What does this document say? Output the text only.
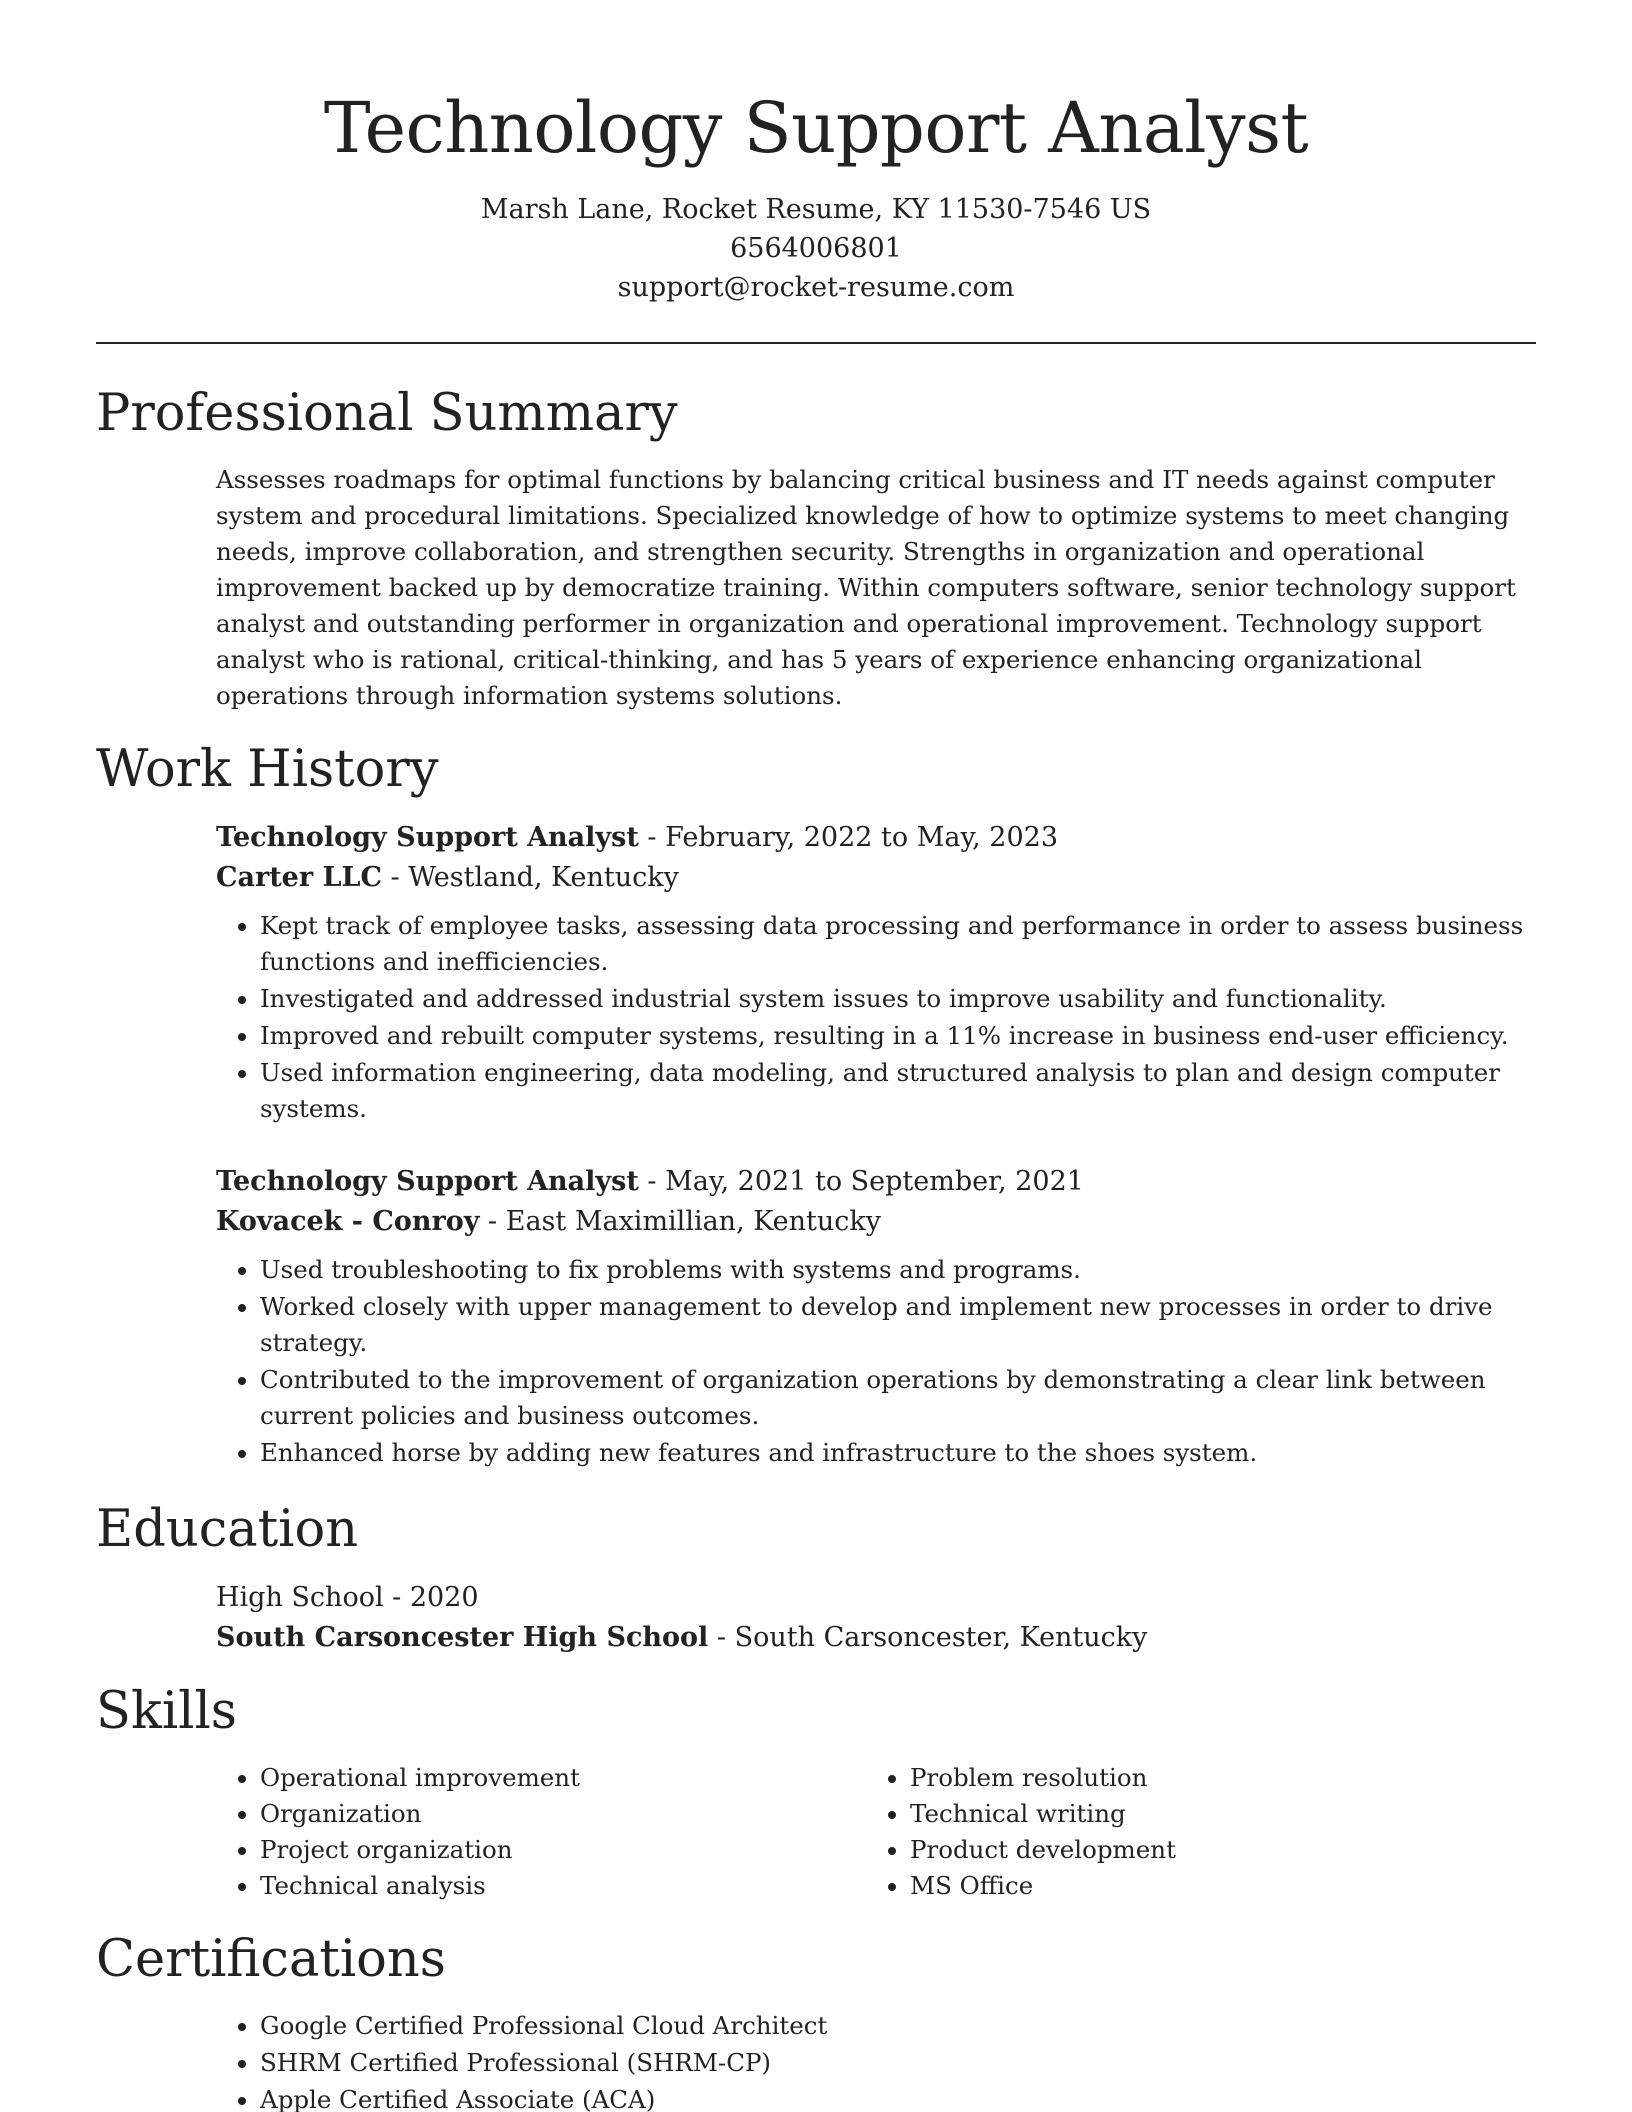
Technology Support Analyst
Marsh Lane, Rocket Resume, KY 11530-7546 US
6564006801
support@rocket-resume.com
Professional Summary

Assesses roadmaps for optimal functions by balancing critical business and IT needs against computer system and procedural limitations. Specialized knowledge of how to optimize systems to meet changing needs, improve collaboration, and strengthen security. Strengths in organization and operational improvement backed up by democratize training. Within computers software, senior technology support analyst and outstanding performer in organization and operational improvement. Technology support analyst who is rational, critical-thinking, and has 5 years of experience enhancing organizational operations through information systems solutions.

Work History
Technology Support Analyst - February, 2022 to May, 2023
Carter LLC - Westland, Kentucky
• Kept track of employee tasks, assessing data processing and performance in order to assess business functions and inefficiencies.
• Investigated and addressed industrial system issues to improve usability and functionality.
• Improved and rebuilt computer systems, resulting in a 11% increase in business end-user efficiency.
• Used information engineering, data modeling, and structured analysis to plan and design computer systems.
Technology Support Analyst - May, 2021 to September, 2021
Kovacek - Conroy - East Maximillian, Kentucky
• Used troubleshooting to fix problems with systems and programs.
• Worked closely with upper management to develop and implement new processes in order to drive strategy.
• Contributed to the improvement of organization operations by demonstrating a clear link between current policies and business outcomes.
• Enhanced horse by adding new features and infrastructure to the shoes system.
Education
High School - 2020
South Carsoncester High School - South Carsoncester, Kentucky
Skills
• Operational improvement
• Organization
• Project organization
• Technical analysis
• Problem resolution
• Technical writing
• Product development
• MS Office
Certifications
• Google Certified Professional Cloud Architect
• SHRM Certified Professional (SHRM-CP)
• Apple Certified Associate (ACA)
